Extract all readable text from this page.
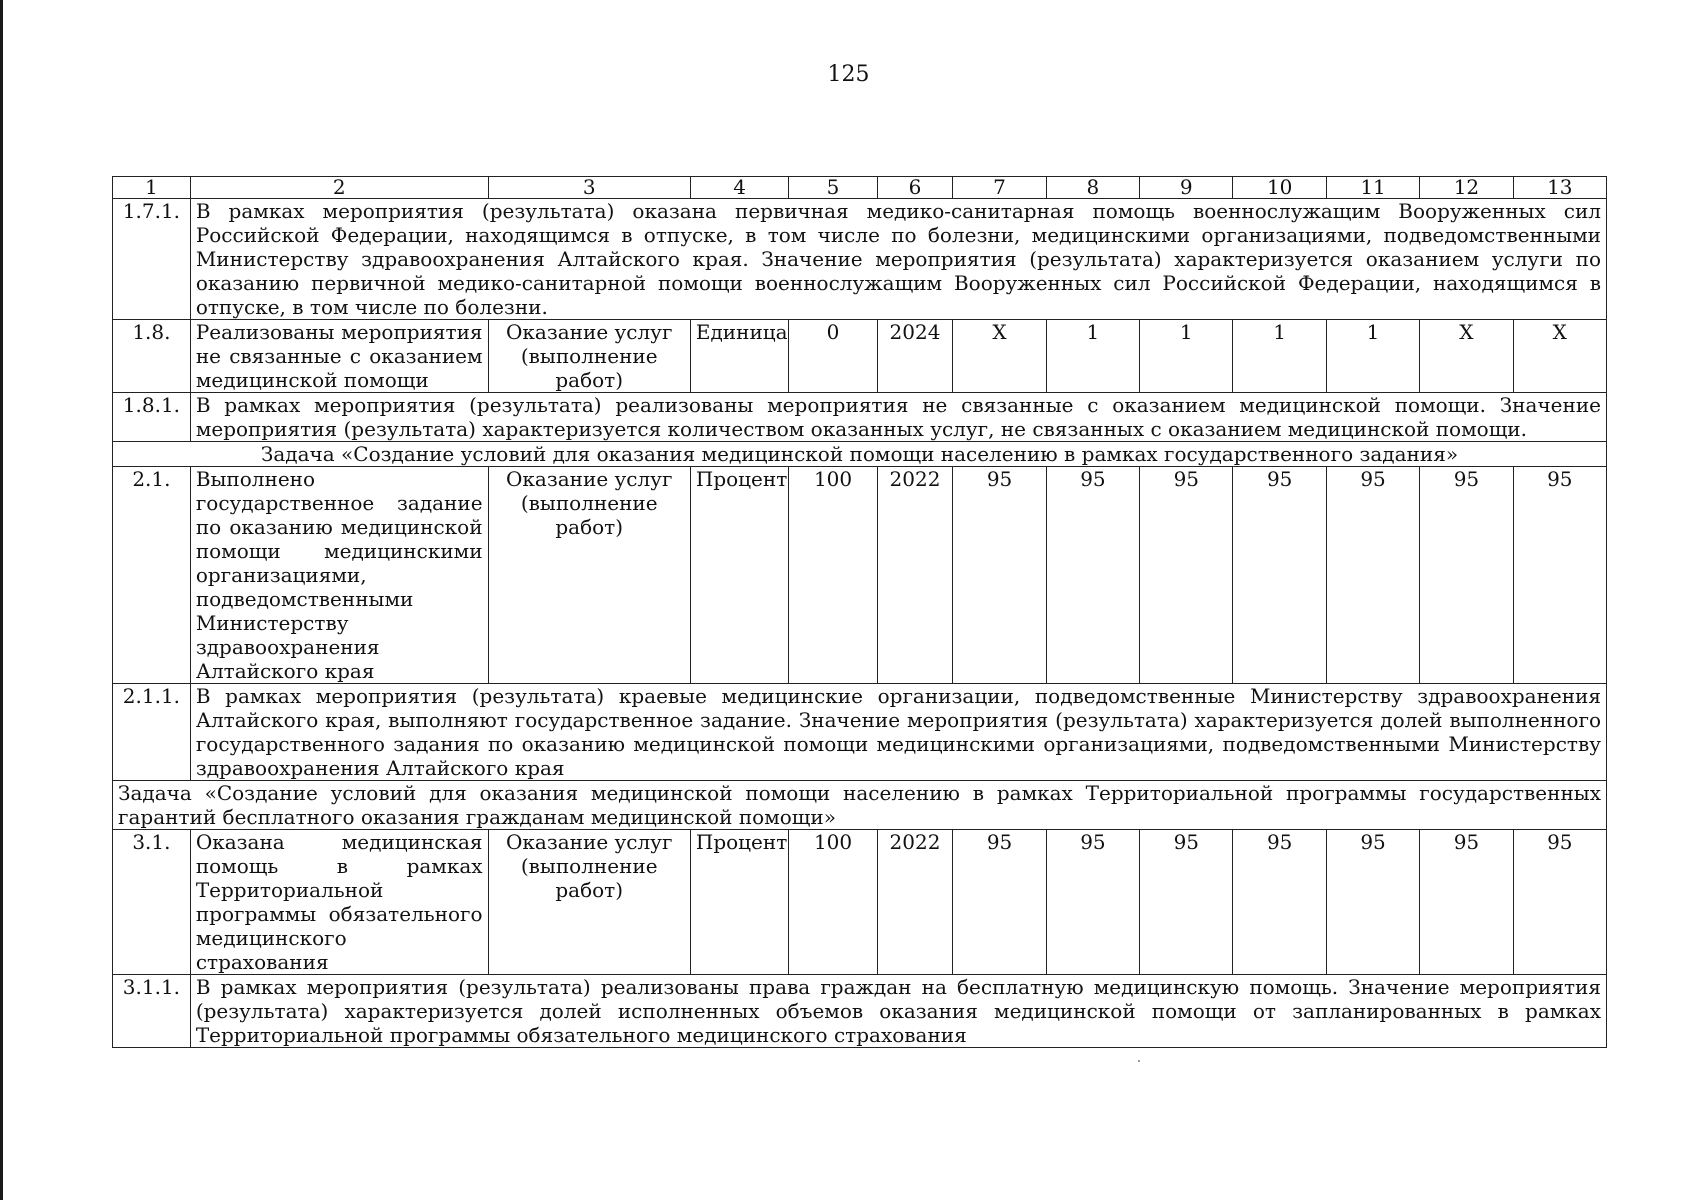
125
1	2	3	4	5	6	7	8	9	10	11	12	13
1.7.1.	В рамках мероприятия (результата) оказана первичная медико-санитарная помощь военнослужащим Вооруженных сил Российской Федерации, находящимся в отпуске, в том числе по болезни, медицинскими организациями, подведомственными Министерству здравоохранения Алтайского края. Значение мероприятия (результата) характеризуется оказанием услуги по оказанию первичной медико-санитарной помощи военнослужащим Вооруженных сил Российской Федерации, находящимся в отпуске, в том числе по болезни.											
1.8.	Реализованы мероприятия не связанные с оказанием медицинской помощи	Оказание услуг (выполнение работ)	Единица	0	2024	X	1	1	1	1	X	X
1.8.1.	В рамках мероприятия (результата) реализованы мероприятия не связанные с оказанием медицинской помощи. Значение мероприятия (результата) характеризуется количеством оказанных услуг, не связанных с оказанием медицинской помощи.											
Задача «Создание условий для оказания медицинской помощи населению в рамках государственного задания»												
2.1.	Выполнено государственное задание по оказанию медицинской помощи медицинскими организациями, подведомственными Министерству здравоохранения Алтайского края	Оказание услуг (выполнение работ)	Процент	100	2022	95	95	95	95	95	95	95
2.1.1.	В рамках мероприятия (результата) краевые медицинские организации, подведомственные Министерству здравоохранения Алтайского края, выполняют государственное задание. Значение мероприятия (результата) характеризуется долей выполненного государственного задания по оказанию медицинской помощи медицинскими организациями, подведомственными Министерству здравоохранения Алтайского края											
Задача «Создание условий для оказания медицинской помощи населению в рамках Территориальной программы государственных гарантий бесплатного оказания гражданам медицинской помощи»												
3.1.	Оказана медицинская помощь в рамках Территориальной программы обязательного медицинского страхования	Оказание услуг (выполнение работ)	Процент	100	2022	95	95	95	95	95	95	95
3.1.1.	В рамках мероприятия (результата) реализованы права граждан на бесплатную медицинскую помощь. Значение мероприятия (результата) характеризуется долей исполненных объемов оказания медицинской помощи от запланированных в рамках Территориальной программы обязательного медицинского страхования											
